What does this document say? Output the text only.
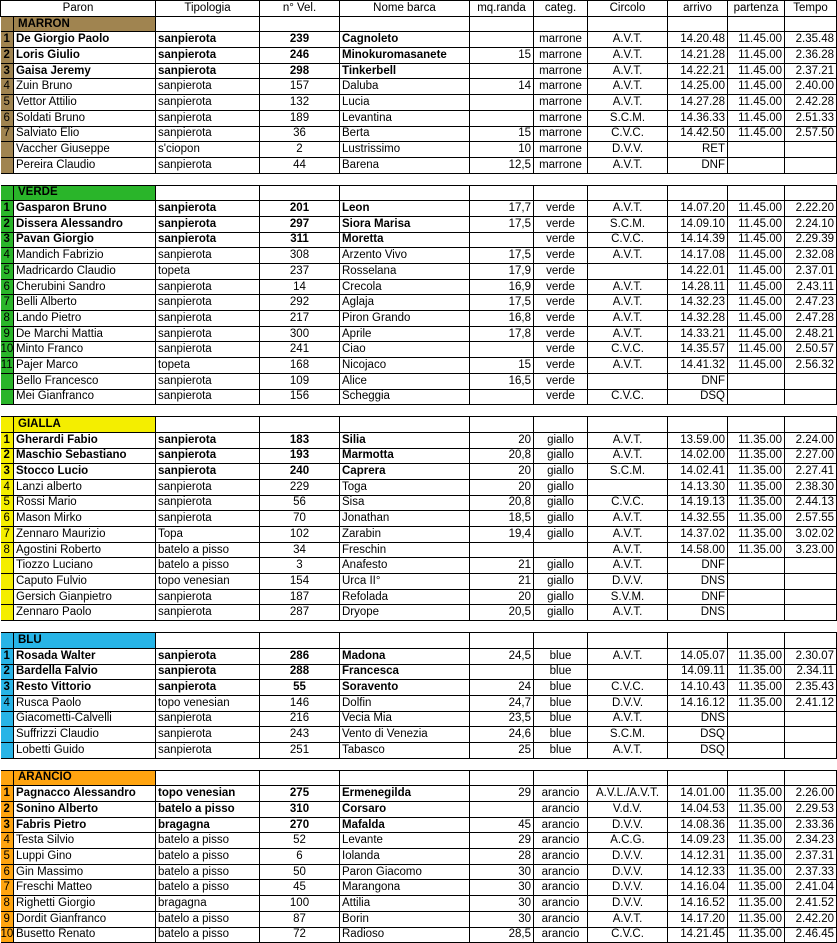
Paron		Tipologia	n° Vel.	Nome barca	mq.randa	categ.	Circolo	arrivo	partenza	Tempo
	MARRON									
1	De Giorgio Paolo	sanpierota	239	Cagnoleto		marrone	A.V.T.	14.20.48	11.45.00	2.35.48
2	Loris Giulio	sanpierota	246	Minokuromasanete	15	marrone	A.V.T.	14.21.28	11.45.00	2.36.28
3	Gaisa Jeremy	sanpierota	298	Tinkerbell		marrone	A.V.T.	14.22.21	11.45.00	2.37.21
4	Zuin Bruno	sanpierota	157	Daluba	14	marrone	A.V.T.	14.25.00	11.45.00	2.40.00
5	Vettor Attilio	sanpierota	132	Lucia		marrone	A.V.T.	14.27.28	11.45.00	2.42.28
6	Soldati Bruno	sanpierota	189	Levantina		marrone	S.C.M.	14.36.33	11.45.00	2.51.33
7	Salviato Elio	sanpierota	36	Berta	15	marrone	C.V.C.	14.42.50	11.45.00	2.57.50
	Vaccher Giuseppe	s'ciopon	2	Lustrissimo	10	marrone	D.V.V.	RET		
	Pereira Claudio	sanpierota	44	Barena	12,5	marrone	A.V.T.	DNF		

	VERDE									
1	Gasparon Bruno	sanpierota	201	Leon	17,7	verde	A.V.T.	14.07.20	11.45.00	2.22.20
2	Dissera Alessandro	sanpierota	297	Siora Marisa	17,5	verde	S.C.M.	14.09.10	11.45.00	2.24.10
3	Pavan Giorgio	sanpierota	311	Moretta		verde	C.V.C.	14.14.39	11.45.00	2.29.39
4	Mandich Fabrizio	sanpierota	308	Arzento Vivo	17,5	verde	A.V.T.	14.17.08	11.45.00	2.32.08
5	Madricardo Claudio	topeta	237	Rosselana	17,9	verde		14.22.01	11.45.00	2.37.01
6	Cherubini Sandro	sanpierota	14	Crecola	16,9	verde	A.V.T.	14.28.11	11.45.00	2.43.11
7	Belli Alberto	sanpierota	292	Aglaja	17,5	verde	A.V.T.	14.32.23	11.45.00	2.47.23
8	Lando Pietro	sanpierota	217	Piron Grando	16,8	verde	A.V.T.	14.32.28	11.45.00	2.47.28
9	De Marchi Mattia	sanpierota	300	Aprile	17,8	verde	A.V.T.	14.33.21	11.45.00	2.48.21
10	Minto Franco	sanpierota	241	Ciao		verde	C.V.C.	14.35.57	11.45.00	2.50.57
11	Pajer Marco	topeta	168	Nicojaco	15	verde	A.V.T.	14.41.32	11.45.00	2.56.32
	Bello Francesco	sanpierota	109	Alice	16,5	verde		DNF		
	Mei Gianfranco	sanpierota	156	Scheggia		verde	C.V.C.	DSQ		

	GIALLA									
1	Gherardi Fabio	sanpierota	183	Silia	20	giallo	A.V.T.	13.59.00	11.35.00	2.24.00
2	Maschio Sebastiano	sanpierota	193	Marmotta	20,8	giallo	A.V.T.	14.02.00	11.35.00	2.27.00
3	Stocco Lucio	sanpierota	240	Caprera	20	giallo	S.C.M.	14.02.41	11.35.00	2.27.41
4	Lanzi alberto	sanpierota	229	Toga	20	giallo		14.13.30	11.35.00	2.38.30
5	Rossi Mario	sanpierota	56	Sisa	20,8	giallo	C.V.C.	14.19.13	11.35.00	2.44.13
6	Mason Mirko	sanpierota	70	Jonathan	18,5	giallo	A.V.T.	14.32.55	11.35.00	2.57.55
7	Zennaro Maurizio	Topa	102	Zarabin	19,4	giallo	A.V.T.	14.37.02	11.35.00	3.02.02
8	Agostini Roberto	batelo a pisso	34	Freschin			A.V.T.	14.58.00	11.35.00	3.23.00
	Tiozzo Luciano	batelo a pisso	3	Anafesto	21	giallo	A.V.T.	DNF		
	Caputo Fulvio	topo venesian	154	Urca II°	21	giallo	D.V.V.	DNS		
	Gersich Gianpietro	sanpierota	187	Refolada	20	giallo	S.V.M.	DNF		
	Zennaro Paolo	sanpierota	287	Dryope	20,5	giallo	A.V.T.	DNS		

	BLU									
1	Rosada Walter	sanpierota	286	Madona	24,5	blue	A.V.T.	14.05.07	11.35.00	2.30.07
2	Bardella Falvio	sanpierota	288	Francesca		blue		14.09.11	11.35.00	2.34.11
3	Resto Vittorio	sanpierota	55	Soravento	24	blue	C.V.C.	14.10.43	11.35.00	2.35.43
4	Rusca Paolo	topo venesian	146	Dolfin	24,7	blue	D.V.V.	14.16.12	11.35.00	2.41.12
	Giacometti-Calvelli	sanpierota	216	Vecia Mia	23,5	blue	A.V.T.	DNS		
	Suffrizzi Claudio	sanpierota	243	Vento di Venezia	24,6	blue	S.C.M.	DSQ		
	Lobetti Guido	sanpierota	251	Tabasco	25	blue	A.V.T.	DSQ		

	ARANCIO									
1	Pagnacco Alessandro	topo venesian	275	Ermenegilda	29	arancio	A.V.L./A.V.T.	14.01.00	11.35.00	2.26.00
2	Sonino Alberto	batelo a pisso	310	Corsaro		arancio	V.d.V.	14.04.53	11.35.00	2.29.53
3	Fabris Pietro	bragagna	270	Mafalda	45	arancio	D.V.V.	14.08.36	11.35.00	2.33.36
4	Testa Silvio	batelo a pisso	52	Levante	29	arancio	A.C.G.	14.09.23	11.35.00	2.34.23
5	Luppi Gino	batelo a pisso	6	Iolanda	28	arancio	D.V.V.	14.12.31	11.35.00	2.37.31
6	Gin Massimo	batelo a pisso	50	Paron Giacomo	30	arancio	D.V.V.	14.12.33	11.35.00	2.37.33
7	Freschi Matteo	batelo a pisso	45	Marangona	30	arancio	D.V.V.	14.16.04	11.35.00	2.41.04
8	Righetti Giorgio	bragagna	100	Attilia	30	arancio	D.V.V.	14.16.52	11.35.00	2.41.52
9	Dordit Gianfranco	batelo a pisso	87	Borin	30	arancio	A.V.T.	14.17.20	11.35.00	2.42.20
10	Busetto Renato	batelo a pisso	72	Radioso	28,5	arancio	C.V.C.	14.21.45	11.35.00	2.46.45
